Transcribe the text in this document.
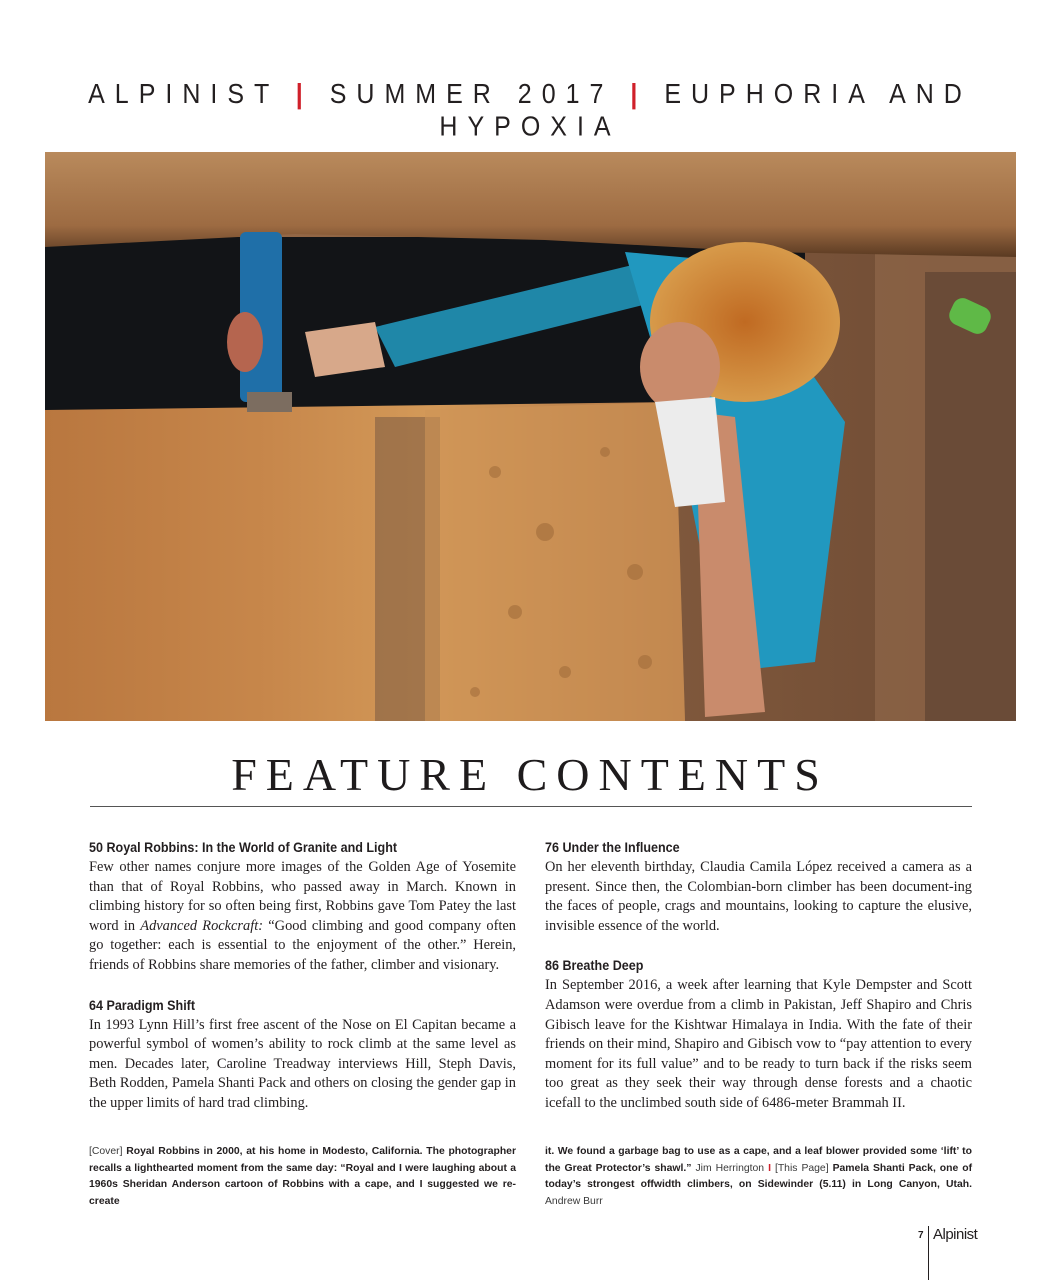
ALPINIST | SUMMER 2017 | EUPHORIA AND HYPOXIA
FEATURE CONTENTS
50 Royal Robbins: In the World of Granite and Light

Few other names conjure more images of the Golden Age of Yosemite than that of Royal Robbins, who passed away in March. Known in climbing history for so often being first, Robbins gave Tom Patey the last word in Advanced Rockcraft: “Good climbing and good company often go together: each is essential to the enjoyment of the other.” Herein, friends of Robbins share memories of the father, climber and visionary.

64 Paradigm Shift

In 1993 Lynn Hill’s first free ascent of the Nose on El Capitan became a powerful symbol of women’s ability to rock climb at the same level as men. Decades later, Caroline Treadway interviews Hill, Steph Davis, Beth Rodden, Pamela Shanti Pack and others on closing the gender gap in the upper limits of hard trad climbing.

76 Under the Influence

On her eleventh birthday, Claudia Camila López received a camera as a present. Since then, the Colombian-born climber has been document-ing the faces of people, crags and mountains, looking to capture the elusive, invisible essence of the world.

86 Breathe Deep

In September 2016, a week after learning that Kyle Dempster and Scott Adamson were overdue from a climb in Pakistan, Jeff Shapiro and Chris Gibisch leave for the Kishtwar Himalaya in India. With the fate of their friends on their mind, Shapiro and Gibisch vow to “pay attention to every moment for its full value” and to be ready to turn back if the risks seem too great as they seek their way through dense forests and a chaotic icefall to the unclimbed south side of 6486-meter Brammah II.

[Cover] Royal Robbins in 2000, at his home in Modesto, California. The photographer recalls a lighthearted moment from the same day: “Royal and I were laughing about a 1960s Sheridan Anderson cartoon of Robbins with a cape, and I suggested we re-create
it. We found a garbage bag to use as a cape, and a leaf blower provided some ‘lift’ to the Great Protector’s shawl.” Jim Herrington I [This Page] Pamela Shanti Pack, one of today’s strongest offwidth climbers, on Sidewinder (5.11) in Long Canyon, Utah. Andrew Burr
7 Alpinist
